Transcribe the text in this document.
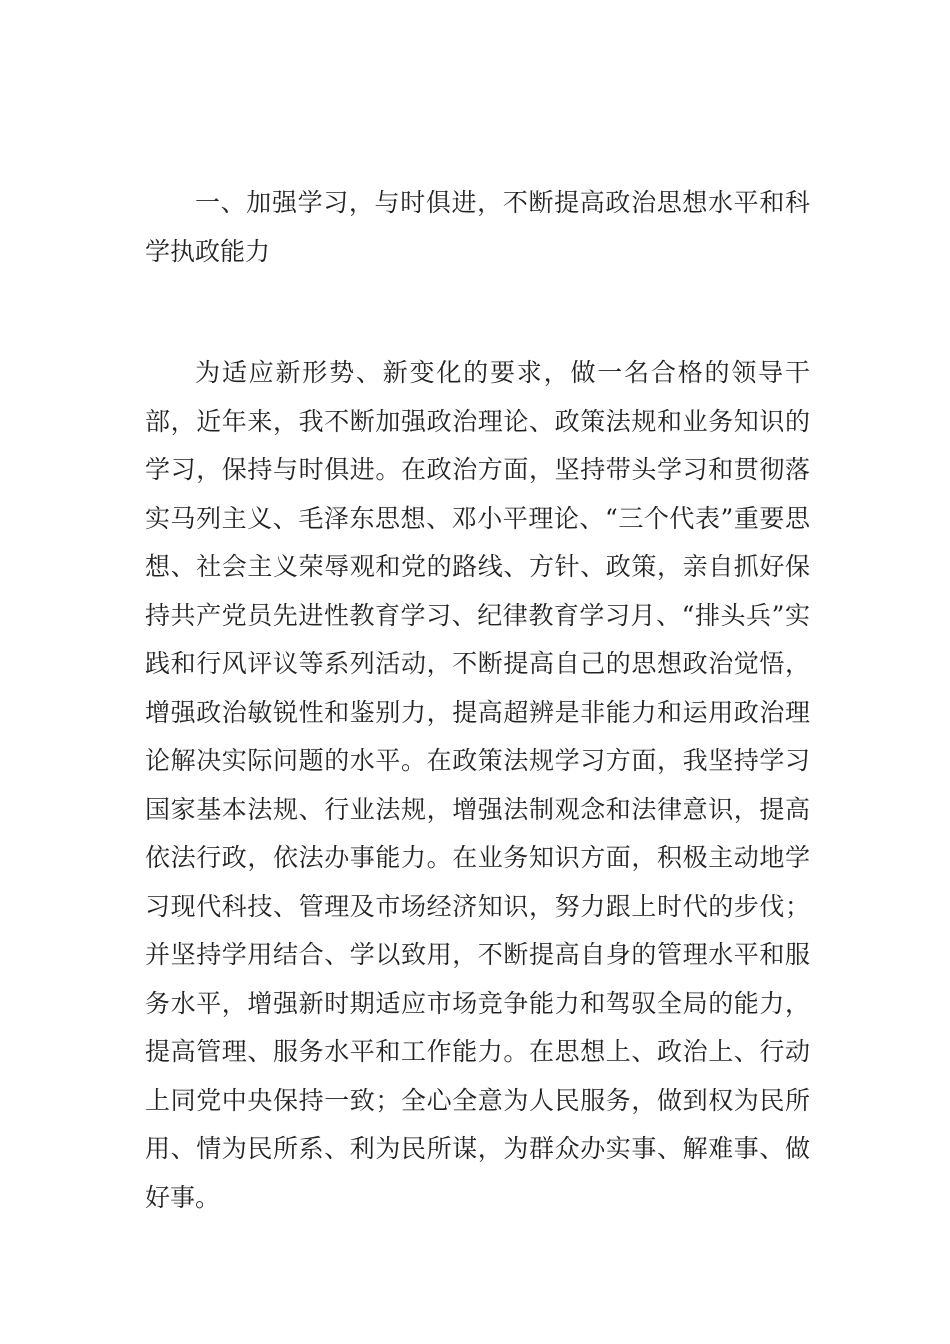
一、加强学习，与时俱进，不断提高政治思想水平和科学执政能力

为适应新形势、新变化的要求，做一名合格的领导干部，近年来，我不断加强政治理论、政策法规和业务知识的学习，保持与时俱进。在政治方面，坚持带头学习和贯彻落实马列主义、毛泽东思想、邓小平理论、“三个代表”重要思想、社会主义荣辱观和党的路线、方针、政策，亲自抓好保持共产党员先进性教育学习、纪律教育学习月、“排头兵”实践和行风评议等系列活动，不断提高自己的思想政治觉悟，增强政治敏锐性和鉴别力，提高超辨是非能力和运用政治理论解决实际问题的水平。在政策法规学习方面，我坚持学习国家基本法规、行业法规，增强法制观念和法律意识，提高依法行政，依法办事能力。在业务知识方面，积极主动地学习现代科技、管理及市场经济知识，努力跟上时代的步伐；并坚持学用结合、学以致用，不断提高自身的管理水平和服务水平，增强新时期适应市场竞争能力和驾驭全局的能力，提高管理、服务水平和工作能力。在思想上、政治上、行动上同党中央保持一致；全心全意为人民服务，做到权为民所用、情为民所系、利为民所谋，为群众办实事、解难事、做好事。
